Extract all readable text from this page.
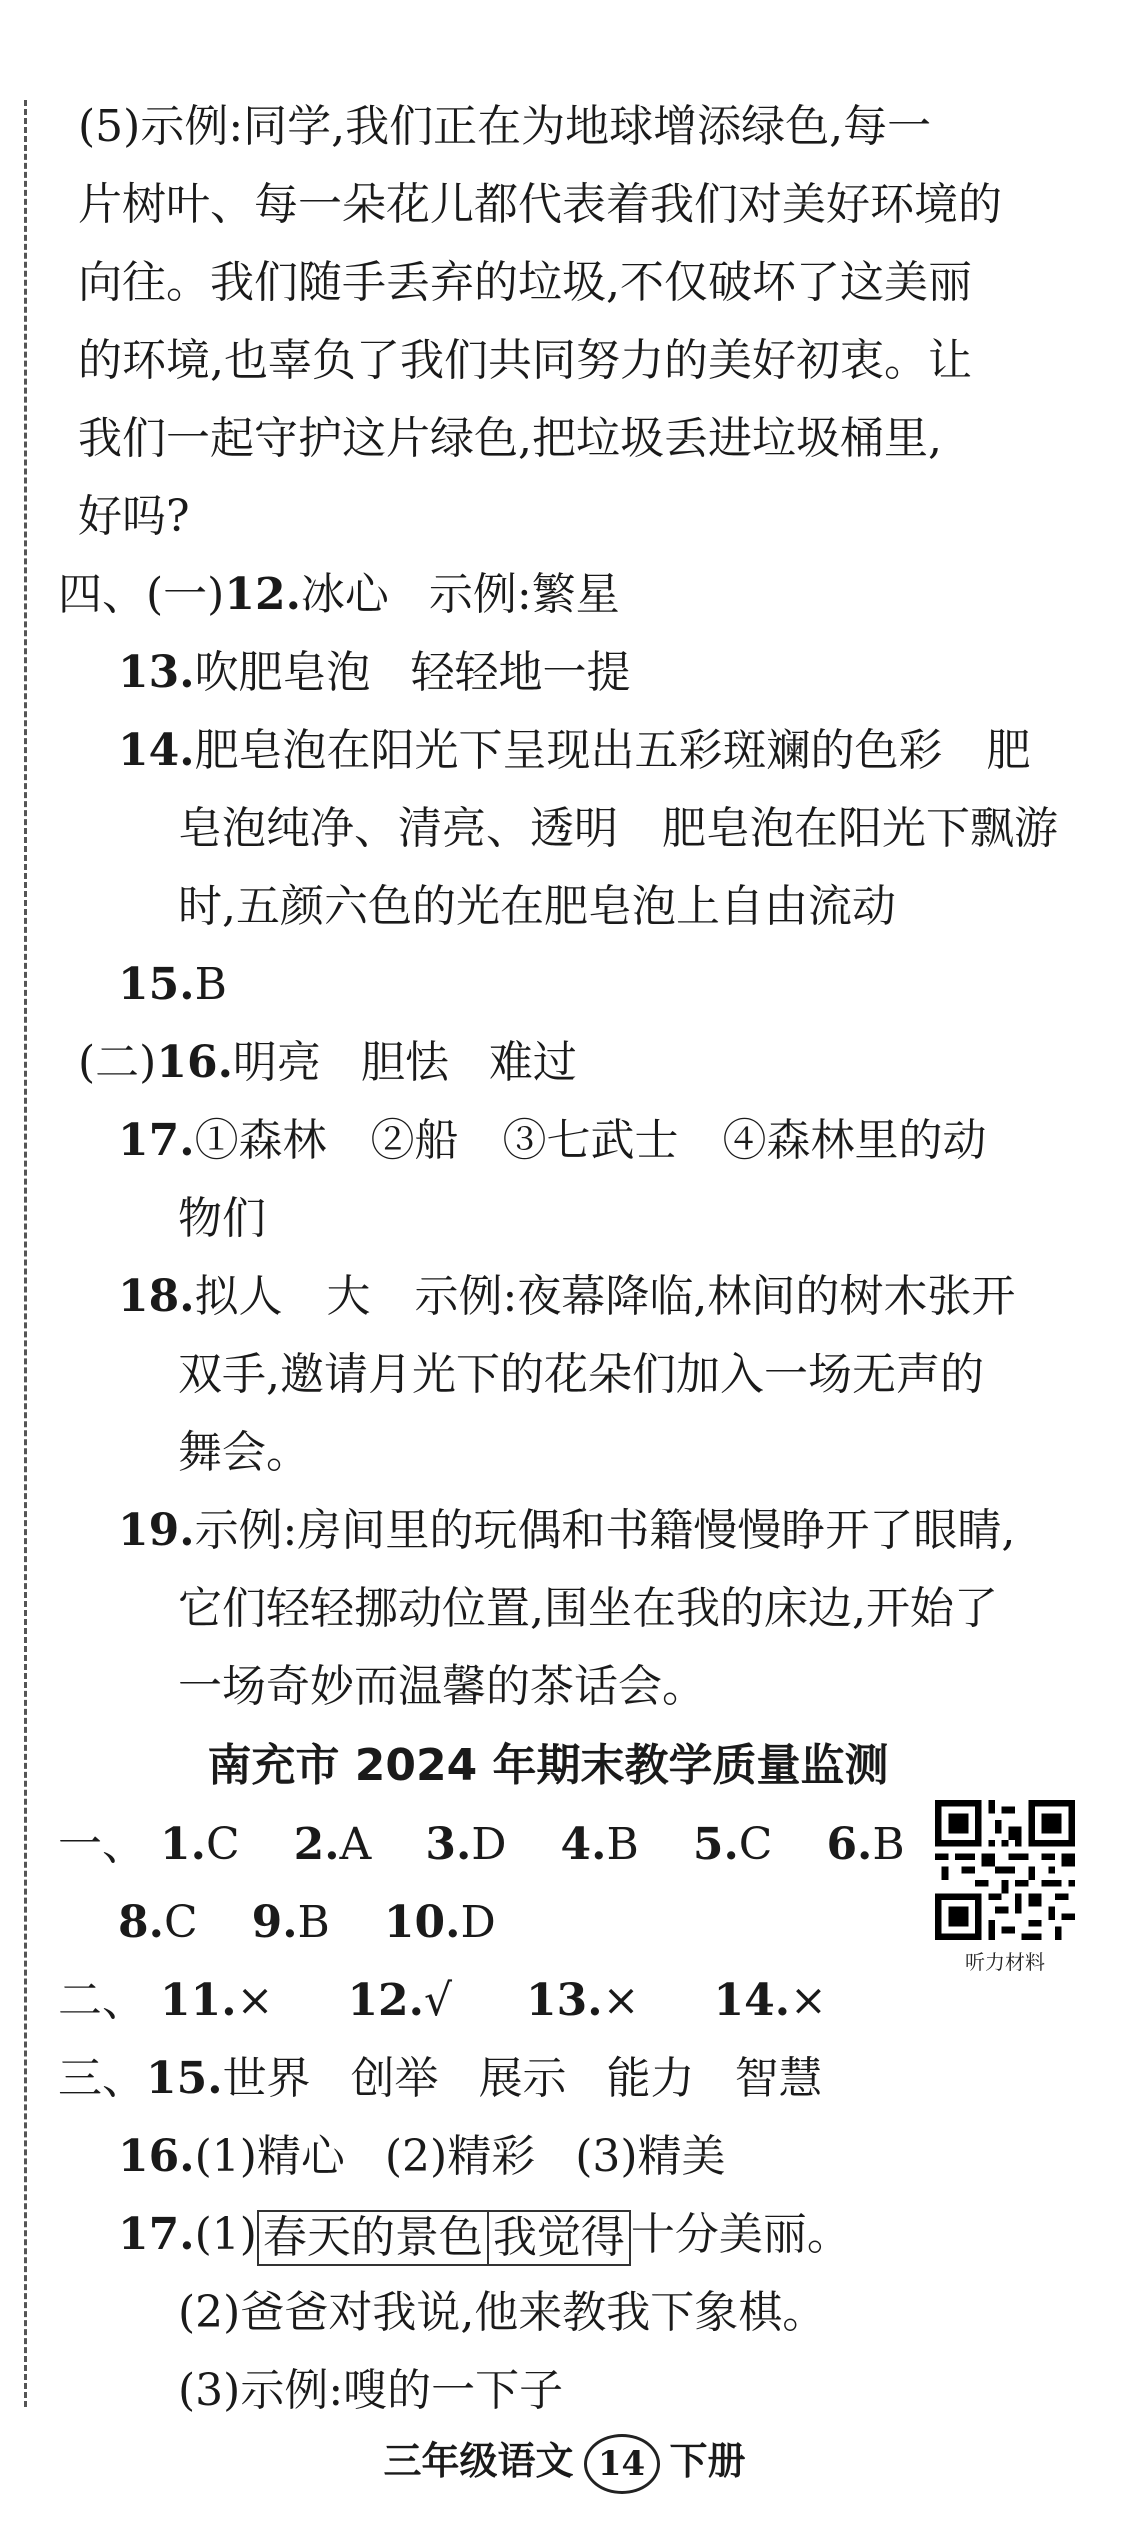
(5)示例:同学,我们正在为地球增添绿色,每一
片树叶、每一朵花儿都代表着我们对美好环境的
向往。我们随手丢弃的垃圾,不仅破坏了这美丽
的环境,也辜负了我们共同努力的美好初衷。让
我们一起守护这片绿色,把垃圾丢进垃圾桶里,
好吗?
四、(一)12.冰心 示例:繁星
13.吹肥皂泡 轻轻地一提
14.肥皂泡在阳光下呈现出五彩斑斓的色彩　肥
皂泡纯净、清亮、透明　肥皂泡在阳光下飘游
时,五颜六色的光在肥皂泡上自由流动
15.B
(二)16.明亮 胆怯 难过
17.①森林　②船　③七武士　④森林里的动
物们
18.拟人　大　示例:夜幕降临,林间的树木张开
双手,邀请月光下的花朵们加入一场无声的
舞会。
19.示例:房间里的玩偶和书籍慢慢睁开了眼睛,
它们轻轻挪动位置,围坐在我的床边,开始了
一场奇妙而温馨的茶话会。
南充市 2024 年期末教学质量监测
一、 1.C 2.A 3.D 4.B 5.C 6.B
8.C 9.B 10.D
二、 11.× 12.√ 13.× 14.×
三、15.世界 创举 展示 能力 智慧
16.(1)精心 (2)精彩 (3)精美
17.(1) 春天的景色 我觉得 十分美丽。
(2)爸爸对我说,他来教我下象棋。
(3)示例:嗖的一下子
听力材料
三年级语文 14 下册
